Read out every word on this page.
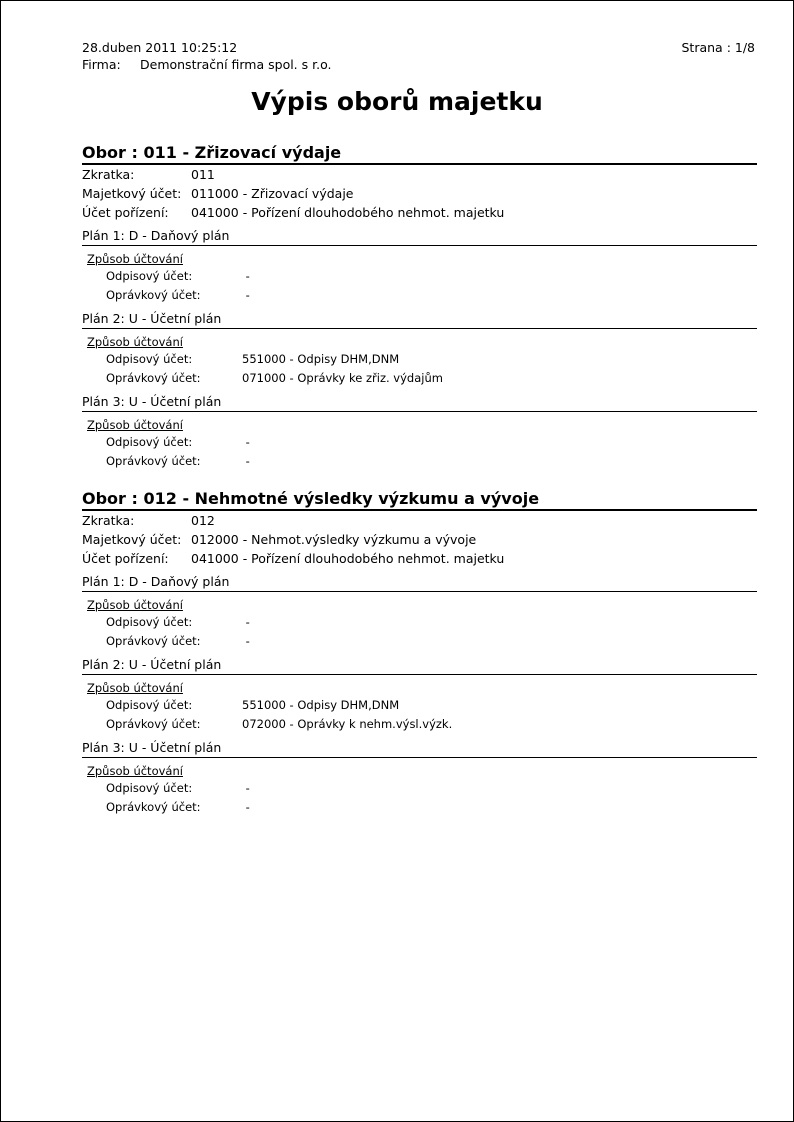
28.duben 2011 10:25:12	Strana : 1/8
Firma: Demonstrační firma spol. s r.o.
Výpis oborů majetku
Obor : 011 - Zřizovací výdaje
Zkratka:	011
Majetkový účet: 011000 - Zřizovací výdaje
Účet pořízení: 041000 - Pořízení dlouhodobého nehmot. majetku
Plán 1: D - Daňový plán
Způsob účtování
Odpisový účet:	-
Oprávkový účet:	-
Plán 2: U - Účetní plán
Způsob účtování
Odpisový účet:	551000 - Odpisy DHM,DNM
Oprávkový účet:	071000 - Oprávky ke zřiz. výdajům
Plán 3: U - Účetní plán
Způsob účtování
Odpisový účet:	-
Oprávkový účet:	-
Obor : 012 - Nehmotné výsledky výzkumu a vývoje
Zkratka:	012
Majetkový účet: 012000 - Nehmot.výsledky výzkumu a vývoje
Účet pořízení: 041000 - Pořízení dlouhodobého nehmot. majetku
Plán 1: D - Daňový plán
Způsob účtování
Odpisový účet:	-
Oprávkový účet:	-
Plán 2: U - Účetní plán
Způsob účtování
Odpisový účet:	551000 - Odpisy DHM,DNM
Oprávkový účet:	072000 - Oprávky k nehm.výsl.výzk.
Plán 3: U - Účetní plán
Způsob účtování
Odpisový účet:	-
Oprávkový účet:	-
